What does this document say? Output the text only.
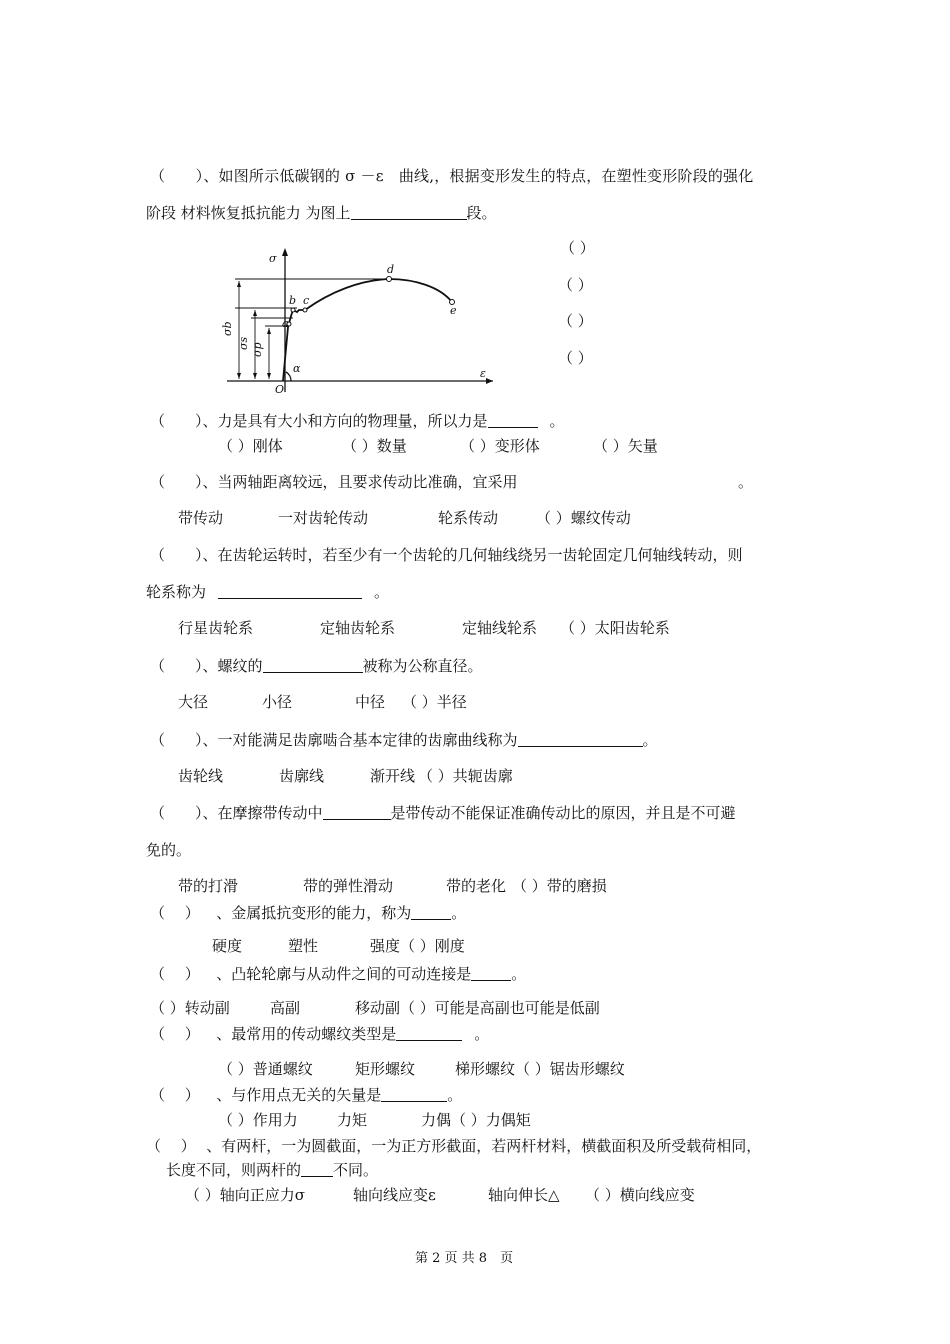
（　　）、如图所示低碳钢的 σ －ε　曲线,，根据变形发生的特点，在塑性变形阶段的强化
阶段 材料恢复抵抗能力 为图上	段。
σ
ε
O
α
a
b c
d
e
σb
σs σp
（ ）
（ ）
（ ）
（ ）
（　　）、力是具有大小和方向的物理量，所以力是	。
（ ）刚体	（ ）数量	（ ）变形体	（ ）矢量
（　　）、当两轴距离较远，且要求传动比准确，宜采用	。
带传动	一对齿轮传动	轮系传动	（ ）螺纹传动
（　　）、在齿轮运转时，若至少有一个齿轮的几何轴线绕另一齿轮固定几何轴线转动，则
轮系称为	。
行星齿轮系	定轴齿轮系	定轴线轮系 （ ）太阳齿轮系
（　　）、螺纹的	被称为公称直径。
大径	小径	中径 （ ）半径
（　　）、一对能满足齿廓啮合基本定律的齿廓曲线称为	。
齿轮线	齿廓线	渐开线 （ ）共轭齿廓
（　　）、在摩擦带传动中	是带传动不能保证准确传动比的原因，并且是不可避
免的。
带的打滑	带的弹性滑动	带的老化 （ ）带的磨损
（　 ） 、金属抵抗变形的能力，称为	。
硬度	塑性	强度（ ）刚度
（　 ） 、凸轮轮廓与从动件之间的可动连接是	。
（ ）转动副	高副	移动副（ ）可能是高副也可能是低副
（　 ） 、最常用的传动螺纹类型是	。
（ ）普通螺纹	矩形螺纹	梯形螺纹（ ）锯齿形螺纹
（　 ） 、与作用点无关的矢量是	。
（ ）作用力	力矩	力偶（ ）力偶矩
（　 ） 、有两杆，一为圆截面，一为正方形截面，若两杆材料，横截面积及所受载荷相同，
长度不同，则两杆的 不同。
（ ）轴向正应力σ	轴向线应变ε	轴向伸长△ （ ）横向线应变
第 2 页 共 8　页
